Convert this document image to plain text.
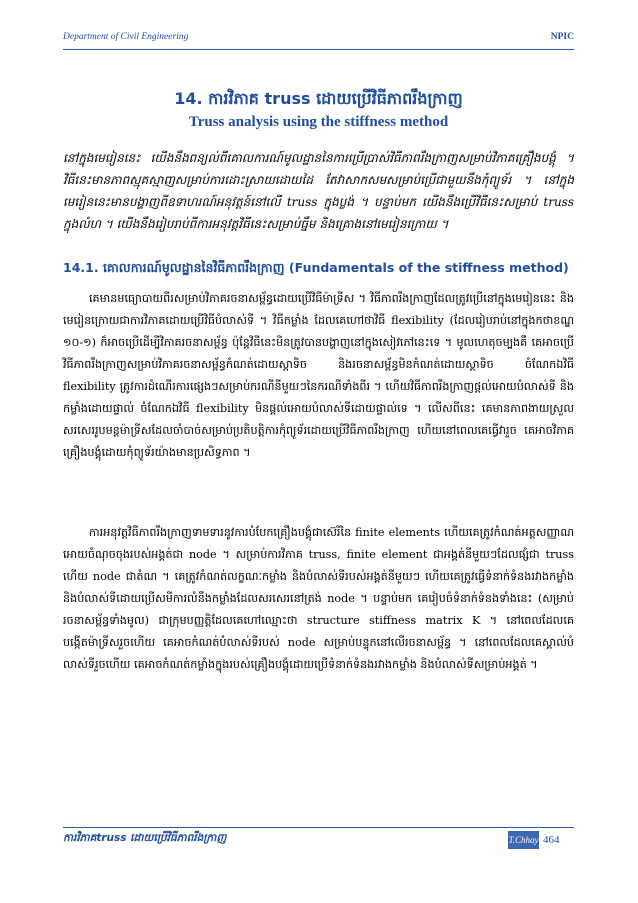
Department of Civil Engineering	NPIC
14. ការវិភាគ truss ដោយប្រើវិធីភាពរឹងក្រាញ
Truss analysis using the stiffness method

នៅក្នុងមេរៀននេះ យើងនឹងពន្យល់ពីគោលការណ៍មូលដ្ឋាននៃការប្រើប្រាស់វិធីភាពរឹងក្រាញសម្រាប់វិភាគគ្រឿងបង្គុំ ។ វិធីនេះមានភាពស្មុគស្មាញសម្រាប់ការដោះស្រាយដោយដៃ តែវាសាកសមសម្រាប់ប្រើជាមួយនឹងកុំព្យូទ័រ ។ នៅក្នុងមេរៀននេះមានបង្ហាញពីឧទាហរណ៍អនុវត្តន៍នៅលើ truss ក្នុងប្លង់ ។ បន្ទាប់មក យើងនឹងប្រើវិធីនេះសម្រាប់ truss ក្នុងលំហ ។ យើងនឹងរៀបរាប់ពីការអនុវត្តវិធីនេះសម្រាប់ធ្នឹម និងគ្រោងនៅមេរៀនក្រោយ ។

14.1. គោលការណ៍មូលដ្ឋាននៃវិធីភាពរឹងក្រាញ (Fundamentals of the stiffness method)

គេមានមធ្យោបាយពីរសម្រាប់វិភាគរចនាសម្ព័ន្ធដោយប្រើវិធីម៉ាទ្រីស ។ វិធីភាពរឹងក្រាញដែលត្រូវប្រើនៅក្នុងមេរៀននេះ និងមេរៀនក្រោយជាការវិភាគដោយប្រើវិធីបំលាស់ទី ។ វិធីកម្លាំង ដែលគេហៅថាវិធី flexibility (ដែលរៀបរាប់នៅក្នុងកថាខណ្ឌ ១០-១) ក៏អាចប្រើដើម្បីវិភាគរចនាសម្ព័ន្ធ ប៉ុន្តែវិធីនេះមិនត្រូវបានបង្ហាញនៅក្នុងសៀវភៅនេះទេ ។ មូលហេតុចម្បងគឺ គេអាចប្រើវិធីភាពរឹងក្រាញសម្រាប់វិភាគរចនាសម្ព័ន្ធកំណត់ដោយស្តាទិច និងរចនាសម្ព័ន្ធមិនកំណត់ដោយស្តាទិច ចំណែកឯវិធី flexibility ត្រូវការដំណើរការផ្សេងៗសម្រាប់ករណីនីមួយៗនៃករណីទាំងពីរ ។ ហើយវិធីភាពរឹងក្រាញផ្តល់អោយបំលាស់ទី និងកម្លាំងដោយផ្ទាល់ ចំណែកឯវិធី flexibility មិនផ្តល់អោយបំលាស់ទីដោយផ្ទាល់ទេ ។ លើសពីនេះ គេមានភាពងាយស្រួលសរសេររូបមន្តម៉ាទ្រីសដែលចាំបាច់សម្រាប់ប្រតិបត្តិការកុំព្យូទ័រដោយប្រើវិធីភាពរឹងក្រាញ ហើយនៅពេលគេធ្វើវារួច គេអាចវិភាគគ្រឿងបង្គុំដោយកុំព្យូទ័រយ៉ាងមានប្រសិទ្ធភាព ។

ការអនុវត្តវិធីភាពរឹងក្រាញទាមទារនូវការបំបែកគ្រឿងបង្គុំជាស៊េរីនៃ finite elements ហើយគេត្រូវកំណត់អត្តសញ្ញាណអោយចំណុចចុងរបស់អង្គត់ជា node ។ សម្រាប់ការវិភាគ truss, finite element ជាអង្គត់នីមួយៗដែលផ្សំជា truss ហើយ node ជាតំណ ។ គេត្រូវកំណត់លក្ខណៈកម្លាំង និងបំលាស់ទីរបស់អង្គត់នីមួយៗ ហើយគេត្រូវធ្វើទំនាក់ទំនងរវាងកម្លាំង និងបំលាស់ទីដោយប្រើសមីការលំនឹងកម្លាំងដែលសរសេរនៅត្រង់ node ។ បន្ទាប់មក គេរៀបចំទំនាក់ទំនងទាំងនេះ (សម្រាប់រចនាសម្ព័ន្ធទាំងមូល) ជាក្រុមបញ្ញត្តិដែលគេហៅឈ្មោះថា structure stiffness matrix K ។ នៅពេលដែលគេបង្កើតម៉ាទ្រីសរួចហើយ គេអាចកំណត់បំលាស់ទីរបស់ node សម្រាប់បន្ទុកនៅលើរចនាសម្ព័ន្ធ ។ នៅពេលដែលគេស្គាល់បំលាស់ទីរួចហើយ គេអាចកំណត់កម្លាំងក្នុងរបស់គ្រឿងបង្គុំដោយប្រើទំនាក់ទំនងរវាងកម្លាំង និងបំលាស់ទីសម្រាប់អង្គត់ ។

ការវិភាគtruss ដោយប្រើវិធីភាពរឹងក្រាញ	T.Chhay 464
